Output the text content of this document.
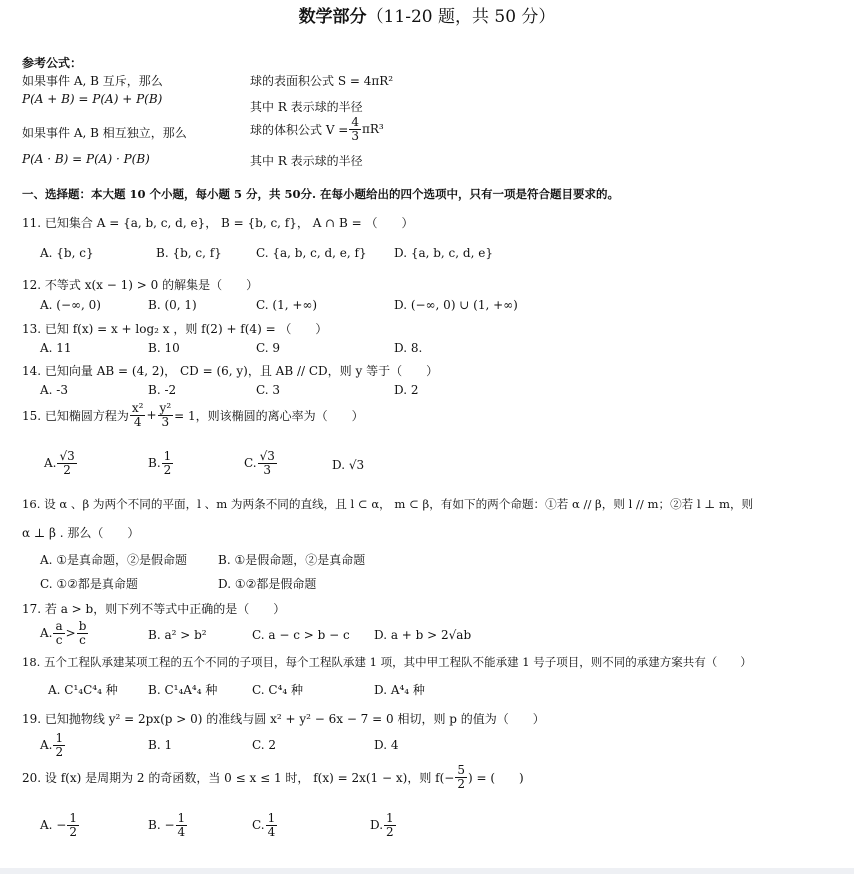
数学部分（11-20 题，共 50 分）
参考公式：
如果事件 A, B 互斥，那么
P(A + B) = P(A) + P(B)
如果事件 A, B 相互独立，那么
P(A · B) = P(A) · P(B)
球的表面积公式 S = 4πR²
其中 R 表示球的半径
球的体积公式 $V = \frac{4}{3} \pi R^3$
其中 R 表示球的半径
一、选择题：本大题 10 个小题，每小题 5 分，共 50分. 在每小题给出的四个选项中，只有一项是符合题目要求的。
11. 已知集合 A = {a, b, c, d, e}， B = {b, c, f}， A ∩ B = （　　）
A. {b, c}	B. {b, c, f}	C. {a, b, c, d, e, f} D. {a, b, c, d, e}
12. 不等式 x(x − 1) > 0 的解集是（　　）
A. (−∞, 0)	B. (0, 1)	C. (1, +∞)	D. (−∞, 0) ∪ (1, +∞)
13. 已知 f(x) = x + log₂ x ，则 f(2) + f(4) = （　　）
A. 11	B. 10	C. 9	D. 8.
14. 已知向量 AB = (4, 2)， CD = (6, y)，且 AB // CD，则 y 等于（　　）
A. -3	B. -2	C. 3	D. 2
15. 已知椭圆方程为 $\frac{\text{x²}}{4} + \frac{\text{y²}}{3} = 1$，则该椭圆的离心率为（　　）
A. $\frac{√3}{2}$	B. $\frac{1}{2}$	C. $\frac{√3}{3}$	D. √3
16. 设 α 、β 为两个不同的平面，l 、m 为两条不同的直线，且 l ⊂ α， m ⊂ β，有如下的两个命题：①若 α // β，则 l // m；②若 l ⊥ m，则
α ⊥ β . 那么（　　）
A. ①是真命题，②是假命题	B. ①是假命题，②是真命题
C. ①②都是真命题	D. ①②都是假命题
17. 若 a > b，则下列不等式中正确的是（　　）
A. $\frac{a}{c} > \frac{b}{c}$	B. a² > b²	C. a − c > b − c D. a + b > 2√ab
18. 五个工程队承建某项工程的五个不同的子项目，每个工程队承建 1 项，其中甲工程队不能承建 1 号子项目，则不同的承建方案共有（　　）
A. C¹₄C⁴₄ 种	B. C¹₄A⁴₄ 种	C. C⁴₄ 种	D. A⁴₄ 种
19. 已知抛物线 y² = 2px(p > 0) 的准线与圆 x² + y² − 6x − 7 = 0 相切，则 p 的值为（　　）
A. $\frac{1}{2}$	B. 1	C. 2	D. 4
20. 设 f(x) 是周期为 2 的奇函数，当 0 ≤ x ≤ 1 时， f(x) = 2x(1 − x)，则 $f(- \frac{5}{2}$ ) = (　　)
A. − $\frac{1}{2}$	B. − $\frac{1}{4}$	C. $\frac{1}{4}$	D. $\frac{1}{2}$
